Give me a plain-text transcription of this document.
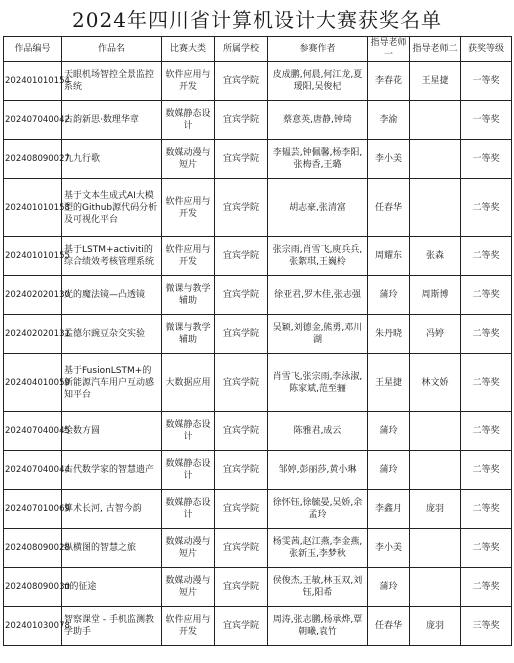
2024年四川省计算机设计大赛获奖名单
作品编号	作品名	比赛大类	所属学校	参赛作者	指导老师一	指导老师二	获奖等级
202401010154	天眼机场智控全景监控系统	软件应用与开发	宜宾学院	皮成鹏,何晨,何江龙,夏瑷阳,吴俊杞	李春花	王星捷	一等奖
202407040042	古韵新思·数理华章	数媒静态设计	宜宾学院	蔡意英,唐静,钟琦	李渝		一等奖
202408090027	九九行歌	数媒动漫与短片	宜宾学院	李韫芸,钟佩馨,杨李阳,张梅香,王璐	李小美		一等奖
202401010158	基于文本生成式AI大模型的Github源代码分析及可视化平台	软件应用与开发	宜宾学院	胡志豪,张清富	任春华		二等奖
202401010155	基于LSTM+activiti的综合绩效考核管理系统	软件应用与开发	宜宾学院	张宗雨,肖雪飞,庾兵兵,张絮琪,王巍柃	周耀东	张森	二等奖
202402020130	光的魔法镜—凸透镜	微课与教学辅助	宜宾学院	徐亚君,罗木佳,张志强	蒲玲	周斯博	二等奖
202402020131	孟德尔豌豆杂交实验	微课与教学辅助	宜宾学院	吴颖,刘德金,熊勇,邓川湖	朱丹晓	冯婷	二等奖
202404010059	基于FusionLSTM+的新能源汽车用户互动感知平台	大数据应用	宜宾学院	肖雪飞,张宗雨,李泳淑,陈家斌,范至骊	王星捷	林文娇	二等奖
202407040045	绘数方圆	数媒静态设计	宜宾学院	陈雅君,成云	蒲玲		二等奖
202407040044	古代数学家的智慧遗产	数媒静态设计	宜宾学院	邹婷,彭丽莎,黄小琳	蒲玲		二等奖
202407010069	算术长河, 古智今韵	数媒静态设计	宜宾学院	徐怀钰,徐毓晏,吴娇,余孟玲	李鑫月	庞羽	二等奖
202408090028	纵横图的智慧之旅	数媒动漫与短片	宜宾学院	杨雯茜,赵江燕,李金燕,张新玉,李梦秋	李小美		二等奖
202408090030	π的征途	数媒动漫与短片	宜宾学院	侯俊杰,王敏,林玉双,刘钰,阳希	蒲玲		二等奖
202401030078	智察课堂 - 手机监测教学助手	软件应用与开发	宜宾学院	周涛,张志鹏,杨承烨,覃朝曦,袁竹	任春华	庞羽	三等奖
